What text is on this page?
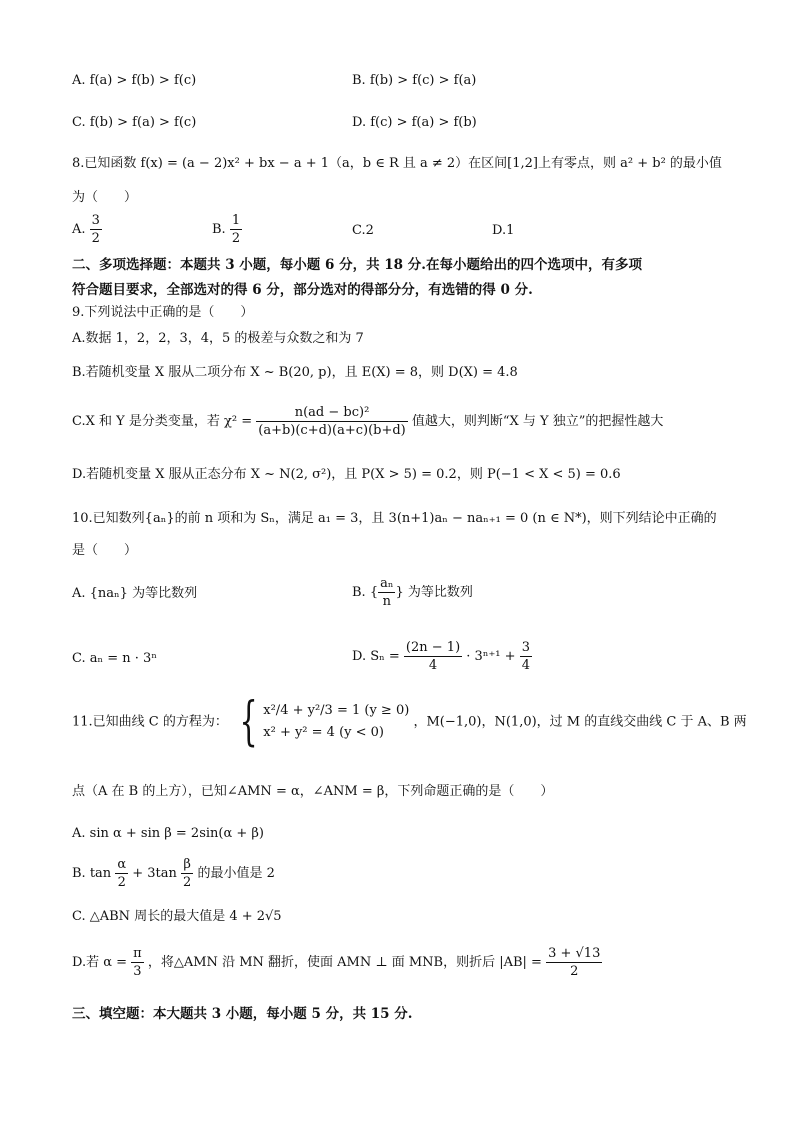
A. f(a) > f(b) > f(c)	B. f(b) > f(c) > f(a)
C. f(b) > f(a) > f(c)	D. f(c) > f(a) > f(b)
8.已知函数 f(x) = (a − 2)x² + bx − a + 1（a，b ∈ R 且 a ≠ 2）在区间[1,2]上有零点，则 a² + b² 的最小值
为（　　）
A. $\frac{3}{2}$	B. $\frac{1}{2}$	C.2	D.1
二、多项选择题：本题共 3 小题，每小题 6 分，共 18 分.在每小题给出的四个选项中，有多项
符合题目要求，全部选对的得 6 分，部分选对的得部分分，有选错的得 0 分.
9.下列说法中正确的是（　　）
A.数据 1，2，2，3，4，5 的极差与众数之和为 7
B.若随机变量 X 服从二项分布 X ~ B(20, p)，且 E(X) = 8，则 D(X) = 4.8
C.X 和 Y 是分类变量，若 $\chi^2 = \frac{\text{n(ad − bc)²}}{(a+b)(c+d)(a+c)(b+d)}$ 值越大，则判断“X 与 Y 独立”的把握性越大
D.若随机变量 X 服从正态分布 X ~ N(2, σ²)，且 P(X > 5) = 0.2，则 P(−1 < X < 5) = 0.6
10.已知数列{aₙ}的前 n 项和为 Sₙ，满足 a₁ = 3，且 3(n+1)aₙ − naₙ₊₁ = 0 (n ∈ N*)，则下列结论中正确的
是（　　）
A. {naₙ} 为等比数列	B. { $\frac{\text{aₙ}}{n}$ } 为等比数列
C. aₙ = n · 3ⁿ	D. $S_n = \frac{(2n - 1)}{4} \cdot 3^{n+1} + \frac{3}{4}$
11.已知曲线 C 的方程为： { x²/4 + y²/3 = 1 (y ≥ 0)
x² + y² = 4 (y < 0)
，M(−1,0)，N(1,0)，过 M 的直线交曲线 C 于 A、B 两
点（A 在 B 的上方），已知∠AMN = α，∠ANM = β，下列命题正确的是（　　）
A. sin α + sin β = 2sin(α + β)
B. $\tan \frac{\alpha}{2} + 3\tan \frac{\beta}{2}$ 的最小值是 2
C. △ABN 周长的最大值是 4 + 2√5
D.若 $\alpha = \frac{\pi}{3}$ ，将△AMN 沿 MN 翻折，使面 AMN ⊥ 面 MNB，则折后 $|AB| = \frac{3 + √13}{2}$
三、填空题：本大题共 3 小题，每小题 5 分，共 15 分.
